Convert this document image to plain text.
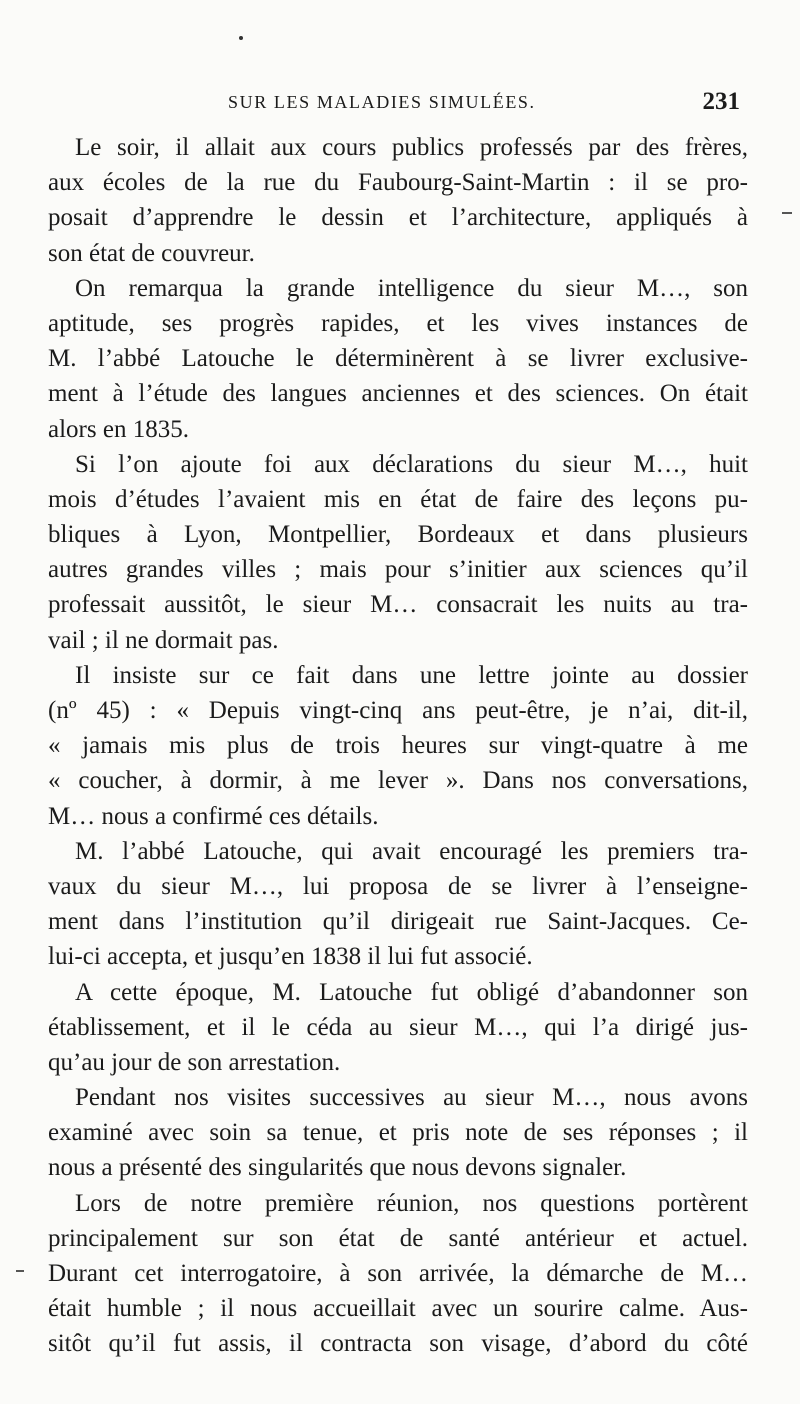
SUR LES MALADIES SIMULÉES.	231
Le soir, il allait aux cours publics professés par des frères,
aux écoles de la rue du Faubourg-Saint-Martin : il se pro-
posait d’apprendre le dessin et l’architecture, appliqués à
son état de couvreur.
On remarqua la grande intelligence du sieur M…, son
aptitude, ses progrès rapides, et les vives instances de
M. l’abbé Latouche le déterminèrent à se livrer exclusive-
ment à l’étude des langues anciennes et des sciences. On était
alors en 1835.
Si l’on ajoute foi aux déclarations du sieur M…, huit
mois d’études l’avaient mis en état de faire des leçons pu-
bliques à Lyon, Montpellier, Bordeaux et dans plusieurs
autres grandes villes ; mais pour s’initier aux sciences qu’il
professait aussitôt, le sieur M… consacrait les nuits au tra-
vail ; il ne dormait pas.
Il insiste sur ce fait dans une lettre jointe au dossier
(nº 45) : « Depuis vingt-cinq ans peut-être, je n’ai, dit-il,
« jamais mis plus de trois heures sur vingt-quatre à me
« coucher, à dormir, à me lever ». Dans nos conversations,
M… nous a confirmé ces détails.
M. l’abbé Latouche, qui avait encouragé les premiers tra-
vaux du sieur M…, lui proposa de se livrer à l’enseigne-
ment dans l’institution qu’il dirigeait rue Saint-Jacques. Ce-
lui-ci accepta, et jusqu’en 1838 il lui fut associé.
A cette époque, M. Latouche fut obligé d’abandonner son
établissement, et il le céda au sieur M…, qui l’a dirigé jus-
qu’au jour de son arrestation.
Pendant nos visites successives au sieur M…, nous avons
examiné avec soin sa tenue, et pris note de ses réponses ; il
nous a présenté des singularités que nous devons signaler.
Lors de notre première réunion, nos questions portèrent
principalement sur son état de santé antérieur et actuel.
Durant cet interrogatoire, à son arrivée, la démarche de M…
était humble ; il nous accueillait avec un sourire calme. Aus-
sitôt qu’il fut assis, il contracta son visage, d’abord du côté
